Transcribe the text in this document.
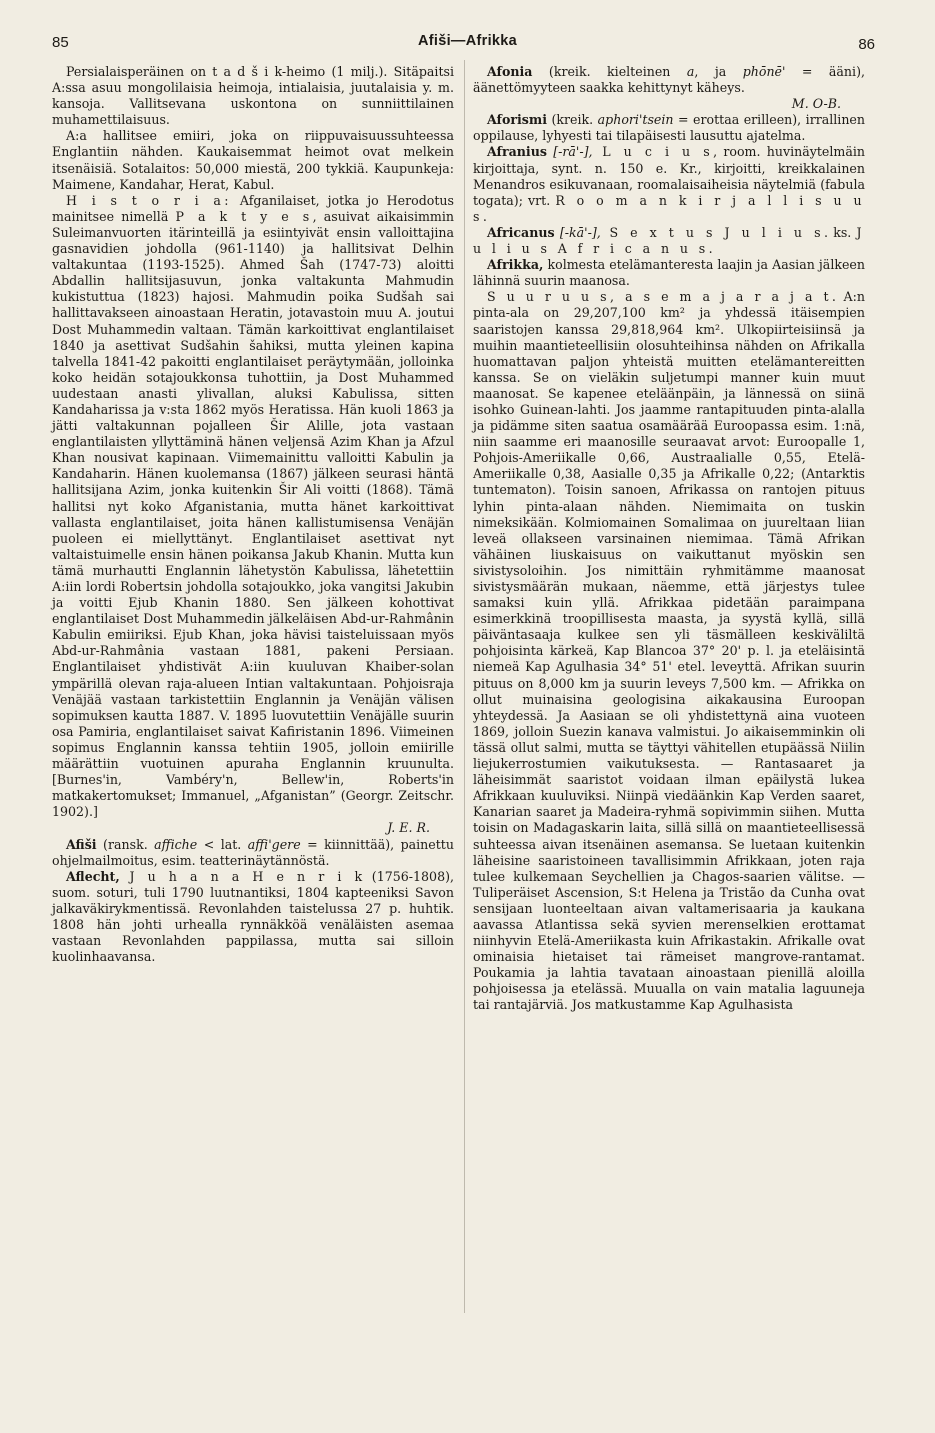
85	Afiši—Afrikka	86

Persialaisperäinen on t a d š i k-heimo (1 milj.). Sitäpaitsi A:ssa asuu mongolilaisia heimoja, intialaisia, juutalaisia y. m. kansoja. Vallitsevana uskontona on sunniittilainen muhamettilaisuus.

A:a hallitsee emiiri, joka on riippuvaisuussuhteessa Englantiin nähden. Kaukaisemmat heimot ovat melkein itsenäisiä. Sotalaitos: 50,000 miestä, 200 tykkiä. Kaupunkeja: Maimene, Kandahar, Herat, Kabul.

H i s t o r i a: Afganilaiset, jotka jo Herodotus mainitsee nimellä P a k t y e s, asuivat aikaisimmin Suleimanvuorten itärinteillä ja esiintyivät ensin valloittajina gasnavidien johdolla (961-1140) ja hallitsivat Delhin valtakuntaa (1193-1525). Ahmed Šah (1747-73) aloitti Abdallin hallitsijasuvun, jonka valtakunta Mahmudin kukistuttua (1823) hajosi. Mahmudin poika Sudšah sai hallittavakseen ainoastaan Heratin, jotavastoin muu A. joutui Dost Muhammedin valtaan. Tämän karkoittivat englantilaiset 1840 ja asettivat Sudšahin šahiksi, mutta yleinen kapina talvella 1841-42 pakoitti englantilaiset peräytymään, jolloinka koko heidän sotajoukkonsa tuhottiin, ja Dost Muhammed uudestaan anasti ylivallan, aluksi Kabulissa, sitten Kandaharissa ja v:sta 1862 myös Heratissa. Hän kuoli 1863 ja jätti valtakunnan pojalleen Šir Alille, jota vastaan englantilaisten yllyttäminä hänen veljensä Azim Khan ja Afzul Khan nousivat kapinaan. Viimemainittu valloitti Kabulin ja Kandaharin. Hänen kuolemansa (1867) jälkeen seurasi häntä hallitsijana Azim, jonka kuitenkin Šir Ali voitti (1868). Tämä hallitsi nyt koko Afganistania, mutta hänet karkoittivat vallasta englantilaiset, joita hänen kallistumisensa Venäjän puoleen ei miellyttänyt. Englantilaiset asettivat nyt valtaistuimelle ensin hänen poikansa Jakub Khanin. Mutta kun tämä murhautti Englannin lähetystön Kabulissa, lähetettiin A:iin lordi Robertsin johdolla sotajoukko, joka vangitsi Jakubin ja voitti Ejub Khanin 1880. Sen jälkeen kohottivat englantilaiset Dost Muhammedin jälkeläisen Abd-ur-Rahmânin Kabulin emiiriksi. Ejub Khan, joka hävisi taisteluissaan myös Abd-ur-Rahmânia vastaan 1881, pakeni Persiaan. Englantilaiset yhdistivät A:iin kuuluvan Khaiber-solan ympärillä olevan raja-alueen Intian valtakuntaan. Pohjoisraja Venäjää vastaan tarkistettiin Englannin ja Venäjän välisen sopimuksen kautta 1887. V. 1895 luovutettiin Venäjälle suurin osa Pamiria, englantilaiset saivat Kafiristanin 1896. Viimeinen sopimus Englannin kanssa tehtiin 1905, jolloin emiirille määrättiin vuotuinen apuraha Englannin kruunulta. [Burnes'in, Vambéry'n, Bellew'in, Roberts'in matkakertomukset; Immanuel, „Afganistan” (Georgr. Zeitschr. 1902).]

J. E. R.

Afiši (ransk. affiche < lat. affi'gere = kiinnittää), painettu ohjelmailmoitus, esim. teatterinäytännöstä.

Aflecht, J u h a n a H e n r i k (1756-1808), suom. soturi, tuli 1790 luutnantiksi, 1804 kapteeniksi Savon jalkaväkirykmentissä. Revonlahden taistelussa 27 p. huhtik. 1808 hän johti urhealla rynnäkköä venäläisten asemaa vastaan Revonlahden pappilassa, mutta sai silloin kuolinhaavansa.

Afonia (kreik. kielteinen a, ja phōnē' = ääni), äänettömyyteen saakka kehittynyt käheys.

M. O-B.

Aforismi (kreik. aphori'tsein = erottaa erilleen), irrallinen oppilause, lyhyesti tai tilapäisesti lausuttu ajatelma.

Afranius [-rā'-], L u c i u s, room. huvinäytelmäin kirjoittaja, synt. n. 150 e. Kr., kirjoitti, kreikkalainen Menandros esikuvanaan, roomalaisaiheisia näytelmiä (fabula togata); vrt. R o o m a n k i r j a l l i s u u s.

Africanus [-kā'-], S e x t u s J u l i u s. ks. J u l i u s A f r i c a n u s.

Afrikka, kolmesta etelämanteresta laajin ja Aasian jälkeen lähinnä suurin maanosa.

S u u r u u s, a s e m a j a r a j a t. A:n pinta-ala on 29,207,100 km² ja yhdessä itäisempien saaristojen kanssa 29,818,964 km². Ulkopiirteisiinsä ja muihin maantieteellisiin olosuhteihinsa nähden on Afrikalla huomattavan paljon yhteistä muitten etelämantereitten kanssa. Se on vieläkin suljetumpi manner kuin muut maanosat. Se kapenee eteläänpäin, ja lännessä on siinä isohko Guinean-lahti. Jos jaamme rantapituuden pinta-alalla ja pidämme siten saatua osamäärää Euroopassa esim. 1:nä, niin saamme eri maanosille seuraavat arvot: Euroopalle 1, Pohjois-Ameriikalle 0,66, Austraalialle 0,55, Etelä-Ameriikalle 0,38, Aasialle 0,35 ja Afrikalle 0,22; (Antarktis tuntematon). Toisin sanoen, Afrikassa on rantojen pituus lyhin pinta-alaan nähden. Niemimaita on tuskin nimeksikään. Kolmiomainen Somalimaa on juureltaan liian leveä ollakseen varsinainen niemimaa. Tämä Afrikan vähäinen liuskaisuus on vaikuttanut myöskin sen sivistysoloihin. Jos nimittäin ryhmitämme maanosat sivistysmäärän mukaan, näemme, että järjestys tulee samaksi kuin yllä. Afrikkaa pidetään paraimpana esimerkkinä troopillisesta maasta, ja syystä kyllä, sillä päiväntasaaja kulkee sen yli täsmälleen keskiväliltä pohjoisinta kärkeä, Kap Blancoa 37° 20' p. l. ja eteläisintä niemeä Kap Agulhasia 34° 51' etel. leveyttä. Afrikan suurin pituus on 8,000 km ja suurin leveys 7,500 km. — Afrikka on ollut muinaisina geologisina aikakausina Euroopan yhteydessä. Ja Aasiaan se oli yhdistettynä aina vuoteen 1869, jolloin Suezin kanava valmistui. Jo aikaisemminkin oli tässä ollut salmi, mutta se täyttyi vähitellen etupäässä Niilin liejukerrostumien vaikutuksesta. — Rantasaaret ja läheisimmät saaristot voidaan ilman epäilystä lukea Afrikkaan kuuluviksi. Niinpä viedäänkin Kap Verden saaret, Kanarian saaret ja Madeira-ryhmä sopivimmin siihen. Mutta toisin on Madagaskarin laita, sillä sillä on maantieteellisessä suhteessa aivan itsenäinen asemansa. Se luetaan kuitenkin läheisine saaristoineen tavallisimmin Afrikkaan, joten raja tulee kulkemaan Seychellien ja Chagos-saarien välitse. — Tuliperäiset Ascension, S:t Helena ja Tristão da Cunha ovat sensijaan luonteeltaan aivan valtamerisaaria ja kaukana aavassa Atlantissa sekä syvien merenselkien erottamat niinhyvin Etelä-Ameriikasta kuin Afrikastakin. Afrikalle ovat ominaisia hietaiset tai rämeiset mangrove-rantamat. Poukamia ja lahtia tavataan ainoastaan pienillä aloilla pohjoisessa ja etelässä. Muualla on vain matalia laguuneja tai rantajärviä. Jos matkustamme Kap Agulhasista
